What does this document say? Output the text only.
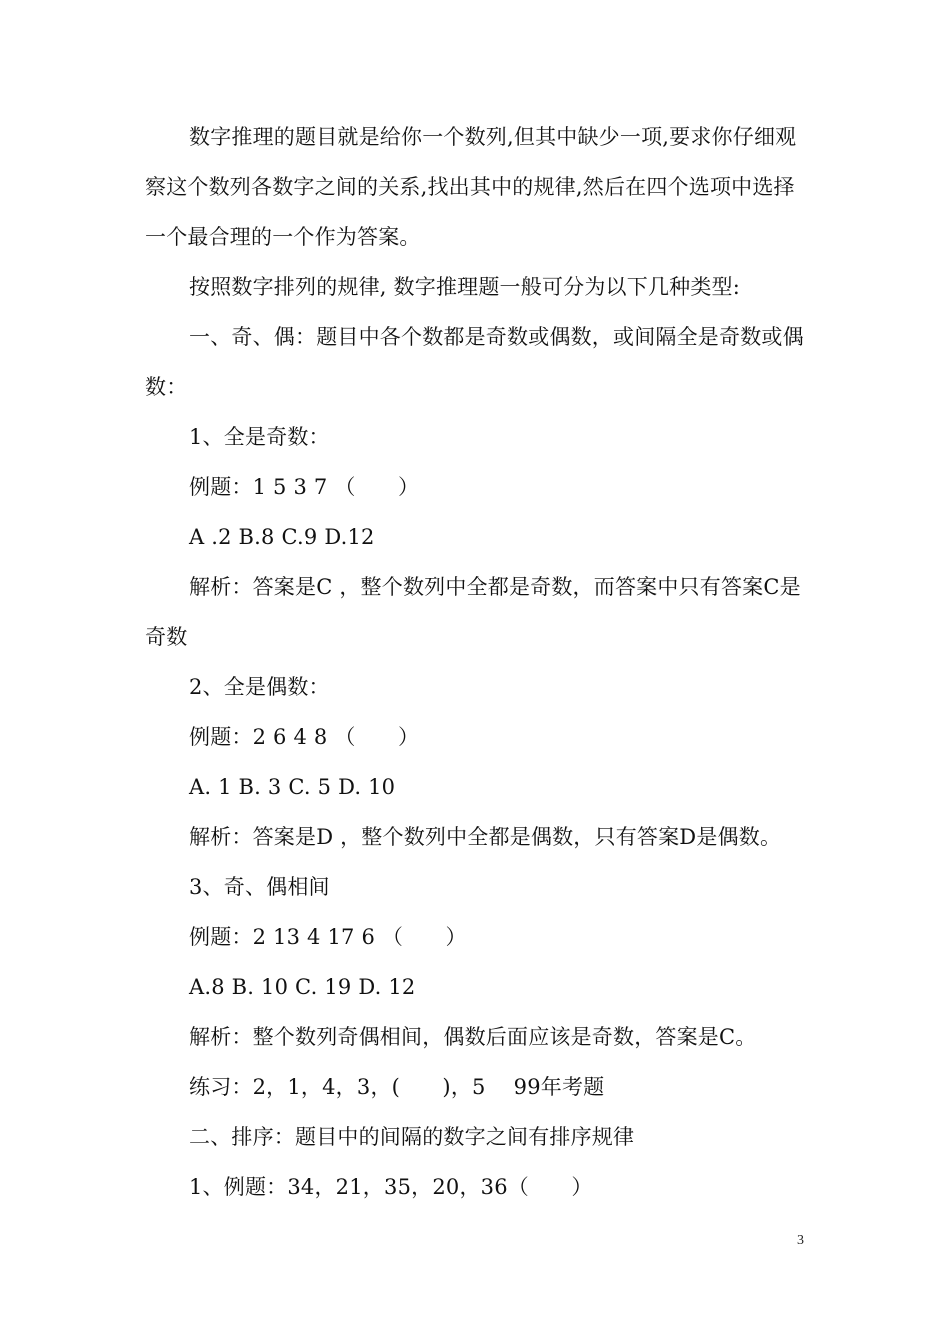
数字推理的题目就是给你一个数列,但其中缺少一项,要求你仔细观察这个数列各数字之间的关系,找出其中的规律,然后在四个选项中选择一个最合理的一个作为答案。

按照数字排列的规律, 数字推理题一般可分为以下几种类型:

一、奇、偶：题目中各个数都是奇数或偶数，或间隔全是奇数或偶数：

1、全是奇数：

例题：1 5 3 7 （　　）

A .2 B.8 C.9 D.12

解析：答案是C ，整个数列中全都是奇数，而答案中只有答案C是奇数

2、全是偶数：

例题：2 6 4 8 （　　）

A. 1 B. 3 C. 5 D. 10

解析：答案是D ，整个数列中全都是偶数，只有答案D是偶数。

3、奇、偶相间

例题：2 13 4 17 6 （　　）

A.8 B. 10 C. 19 D. 12

解析：整个数列奇偶相间，偶数后面应该是奇数，答案是C。

练习：2，1，4，3，(　　)，5　 99年考题

二、排序：题目中的间隔的数字之间有排序规律

1、例题：34，21，35，20，36（　　）

3
